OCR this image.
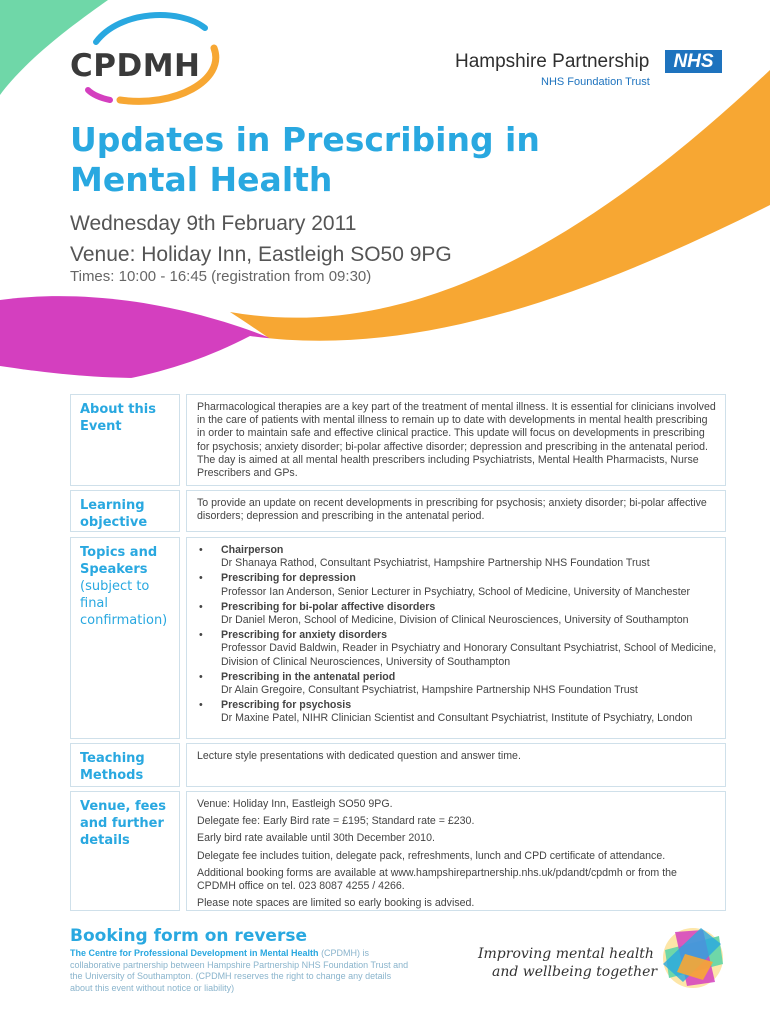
CPDMH	Hampshire Partnership	NHS
NHS Foundation Trust
Updates in Prescribing in Mental Health
Wednesday 9th February 2011
Venue: Holiday Inn, Eastleigh SO50 9PG
Times: 10:00 - 16:45 (registration from 09:30)
About this Event

Pharmacological therapies are a key part of the treatment of mental illness. It is essential for clinicians involved in the care of patients with mental illness to remain up to date with developments in mental health prescribing in order to maintain safe and effective clinical practice. This update will focus on developments in prescribing for psychosis; anxiety disorder; bi-polar affective disorder; depression and prescribing in the antenatal period. The day is aimed at all mental health prescribers including Psychiatrists, Mental Health Pharmacists, Nurse Prescribers and GPs.

Learning objective

To provide an update on recent developments in prescribing for psychosis; anxiety disorder; bi-polar affective disorders; depression and prescribing in the antenatal period.

Topics and Speakers
(subject to final confirmation)
• Chairperson
Dr Shanaya Rathod, Consultant Psychiatrist, Hampshire Partnership NHS Foundation Trust
• Prescribing for depression
Professor Ian Anderson, Senior Lecturer in Psychiatry, School of Medicine, University of Manchester
• Prescribing for bi-polar affective disorders
Dr Daniel Meron, School of Medicine, Division of Clinical Neurosciences, University of Southampton
• Prescribing for anxiety disorders
Professor David Baldwin, Reader in Psychiatry and Honorary Consultant Psychiatrist, School of Medicine, Division of Clinical Neurosciences, University of Southampton
• Prescribing in the antenatal period
Dr Alain Gregoire, Consultant Psychiatrist, Hampshire Partnership NHS Foundation Trust
• Prescribing for psychosis
Dr Maxine Patel, NIHR Clinician Scientist and Consultant Psychiatrist, Institute of Psychiatry, London
Teaching Methods

Lecture style presentations with dedicated question and answer time.

Venue, fees and further details

Venue: Holiday Inn, Eastleigh SO50 9PG.

Delegate fee: Early Bird rate = £195; Standard rate = £230.

Early bird rate available until 30th December 2010.

Delegate fee includes tuition, delegate pack, refreshments, lunch and CPD certificate of attendance.

Additional booking forms are available at www.hampshirepartnership.nhs.uk/pdandt/cpdmh or from the CPDMH office on tel. 023 8087 4255 / 4266.

Please note spaces are limited so early booking is advised.

Booking form on reverse
The Centre for Professional Development in Mental Health (CPDMH) is collaborative partnership between Hampshire Partnership NHS Foundation Trust and the University of Southampton. (CPDMH reserves the right to change any details about this event without notice or liability)
Improving mental health
and wellbeing together
